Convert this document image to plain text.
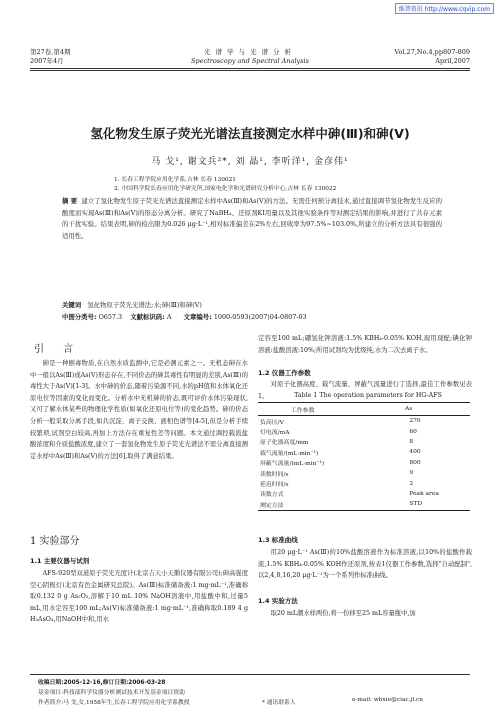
维普资讯 http://www.cqvip.com
第27卷,第4期
2007年4月
光谱学与光谱分析
Spectroscopy and Spectral Analysis
Vol.27,No.4,pp807-809
April,2007
氢化物发生原子荧光光谱法直接测定水样中砷(Ⅲ)和砷(Ⅴ)
马 戈¹, 谢文兵²*, 刘 晶¹, 李听洋¹, 金彦伟¹
1. 长春工程学院应用化学系,吉林 长春 130021
2. 中国科学院长春应用化学研究所,国家电化学和光谱研究分析中心,吉林 长春 130022
摘 要 建立了氢化物发生原子荧光光谱法直接测定水样中As(Ⅲ)和As(Ⅴ)的方法。无需任何预分离技术,通过直接调节氢化物发生反应的酸度而实现As(Ⅲ)和As(Ⅴ)的形态分离分析。研究了NaBH₄、还原剂KI用量以及其他实验条件等对测定结果的影响,并进行了共存元素的干扰实验。结果表明,砷的检出限为0.026 μg·L⁻¹,相对标准偏差在2%左右,回收率为97.5%~103.0%,所建立的分析方法具有很强的适用性。
关键词 氢化物原子荧光光谱法;水;砷(Ⅲ)和砷(Ⅴ)
中图分类号: O657.3 文献标识码: A 文章编号: 1000-0593(2007)04-0807-03
引 言
砷是一种剧毒物质,在自然水质监测中,它是必测元素之一。无机态砷在水中一般以As(Ⅲ)或As(Ⅴ)形态存在,不同价态的砷其毒性有明显的差别,As(Ⅲ)的毒性大于As(Ⅴ)[1-3]。水中砷的价态,随着污染源不同,水的pH值和水体氧化还原电位等因素的变化而变化。分析水中无机砷的价态,既可评价水体污染现状,又可了解水体某些的物理化学性质(如氧化还原电位等)的变化趋势。砷的价态分析一般采取分离手段,如共沉淀、离子交换、液相色谱等[4-5],但是分析手续较繁琐,试剂空白较高,再加上方法存在重复性差等问题。本文通过调控载流盐酸浓度和介质盐酸浓度,建立了一套氢化物发生原子荧光光谱法不需分离直接测定水样中As(Ⅲ)和As(Ⅴ)的方法[6],取得了满意结果。
1 实验部分
1.1 主要仪器与试剂
AFS-920型双道原子荧光光度计(北京吉天小天鹅仪器有限公司);砷高强度空心阴极灯(北京有色金属研究总院)。As(Ⅲ)标准储备液:1 mg·mL⁻¹,准确称取0.132 0 g As₂O₃,溶解于10 mL 10% NaOH溶液中,用盐酸中和,过量5 mL,用水定容至100 mL;As(Ⅴ)标准储备液:1 mg·mL⁻¹,准确称取0.189 4 g H₃AsO₄,用NaOH中和,用水
定容至100 mL;硼氢化钾溶液:1.5% KBH₄-0.05% KOH,现用现配;碘化钾溶液:盐酸溶液:10%;所用试剂均为优级纯,水为二次去离子水。
1.2 仪器工作参数
对原子化器高度、载气流量、屏蔽气流量进行了选择,最佳工作参数见表1。	Table 1 The operation parameters for HG-AFS
工作参数	As
负高压/V	270
灯电流/mA	60
原子化器高度/mm	8
载气流量/(mL·min⁻¹)	400
屏蔽气流量/(mL·min⁻¹)	800
读数时间/s	9
延迟时间/s	2
读数方式	Peak area
测定方法	STD
1.3 标准曲线
用20 μg·L⁻¹ As(Ⅲ)的10%盐酸溶液作为标准溶液,以10%的盐酸作载流,1.5% KBH₄-0.05% KOH作还原剂,按表1仪器工作参数,选择"自动配制",以2,4,8,16,20 μg·L⁻¹为一个系列作标准曲线。
1.4 实验方法
取20 mL潮水样两份,将一份移至25 mL容量瓶中,加
收稿日期:2005-12-16,修订日期:2006-03-28
基金项目:科技部科学仪器分析测试技术开发基金项目资助
作者简介:马 戈,女,1958年生,长春工程学院应用化学系教授	* 通讯联系人	e-mail: wbxie@ciac.jl.cn
